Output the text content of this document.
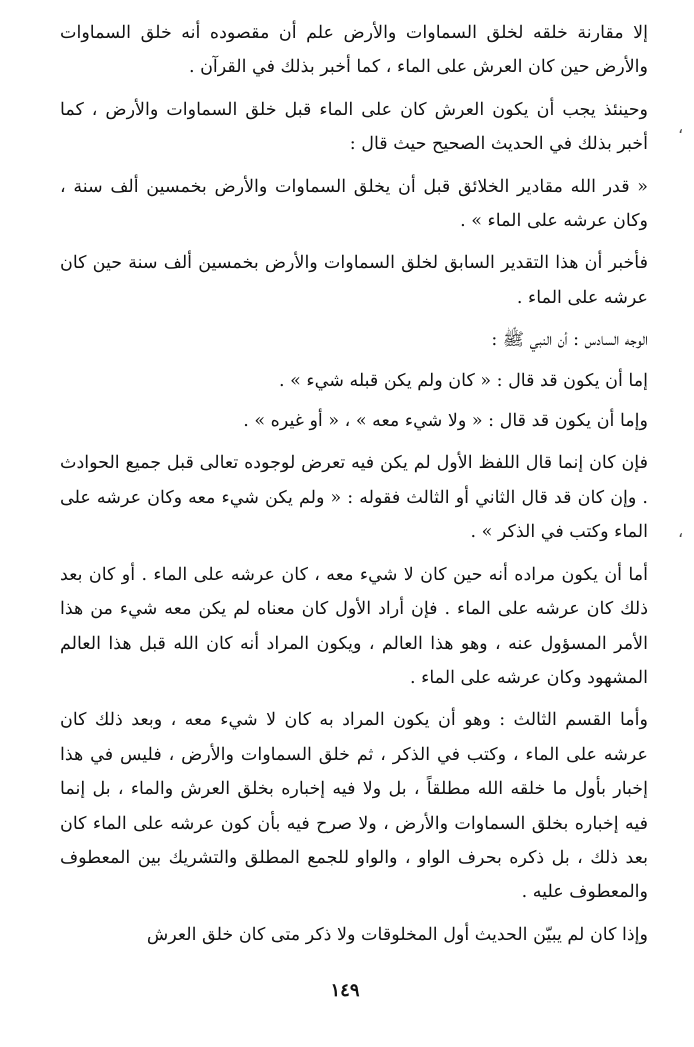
إلا مقارنة خلقه لخلق السماوات والأرض علم أن مقصوده أنه خلق السماوات والأرض حين كان العرش على الماء ، كما أخبر بذلك في القرآن .

وحينئذ يجب أن يكون العرش كان على الماء قبل خلق السماوات والأرض ، كما أخبر بذلك في الحديث الصحيح حيث قال :

« قدر الله مقادير الخلائق قبل أن يخلق السماوات والأرض بخمسين ألف سنة ، وكان عرشه على الماء » .

فأخبر أن هذا التقدير السابق لخلق السماوات والأرض بخمسين ألف سنة حين كان عرشه على الماء .

الوجه السادس : أن النبي ﷺ :

إما أن يكون قد قال : « كان ولم يكن قبله شيء » .

وإما أن يكون قد قال : « ولا شيء معه » ، « أو غيره » .

فإن كان إنما قال اللفظ الأول لم يكن فيه تعرض لوجوده تعالى قبل جميع الحوادث . وإن كان قد قال الثاني أو الثالث فقوله : « ولم يكن شيء معه وكان عرشه على الماء وكتب في الذكر » .

أما أن يكون مراده أنه حين كان لا شيء معه ، كان عرشه على الماء . أو كان بعد ذلك كان عرشه على الماء . فإن أراد الأول كان معناه لم يكن معه شيء من هذا الأمر المسؤول عنه ، وهو هذا العالم ، ويكون المراد أنه كان الله قبل هذا العالم المشهود وكان عرشه على الماء .

وأما القسم الثالث : وهو أن يكون المراد به كان لا شيء معه ، وبعد ذلك كان عرشه على الماء ، وكتب في الذكر ، ثم خلق السماوات والأرض ، فليس في هذا إخبار بأول ما خلقه الله مطلقاً ، بل ولا فيه إخباره بخلق العرش والماء ، بل إنما فيه إخباره بخلق السماوات والأرض ، ولا صرح فيه بأن كون عرشه على الماء كان بعد ذلك ، بل ذكره بحرف الواو ، والواو للجمع المطلق والتشريك بين المعطوف والمعطوف عليه .

وإذا كان لم يبيّن الحديث أول المخلوقات ولا ذكر متى كان خلق العرش

،
،
١٤٩
